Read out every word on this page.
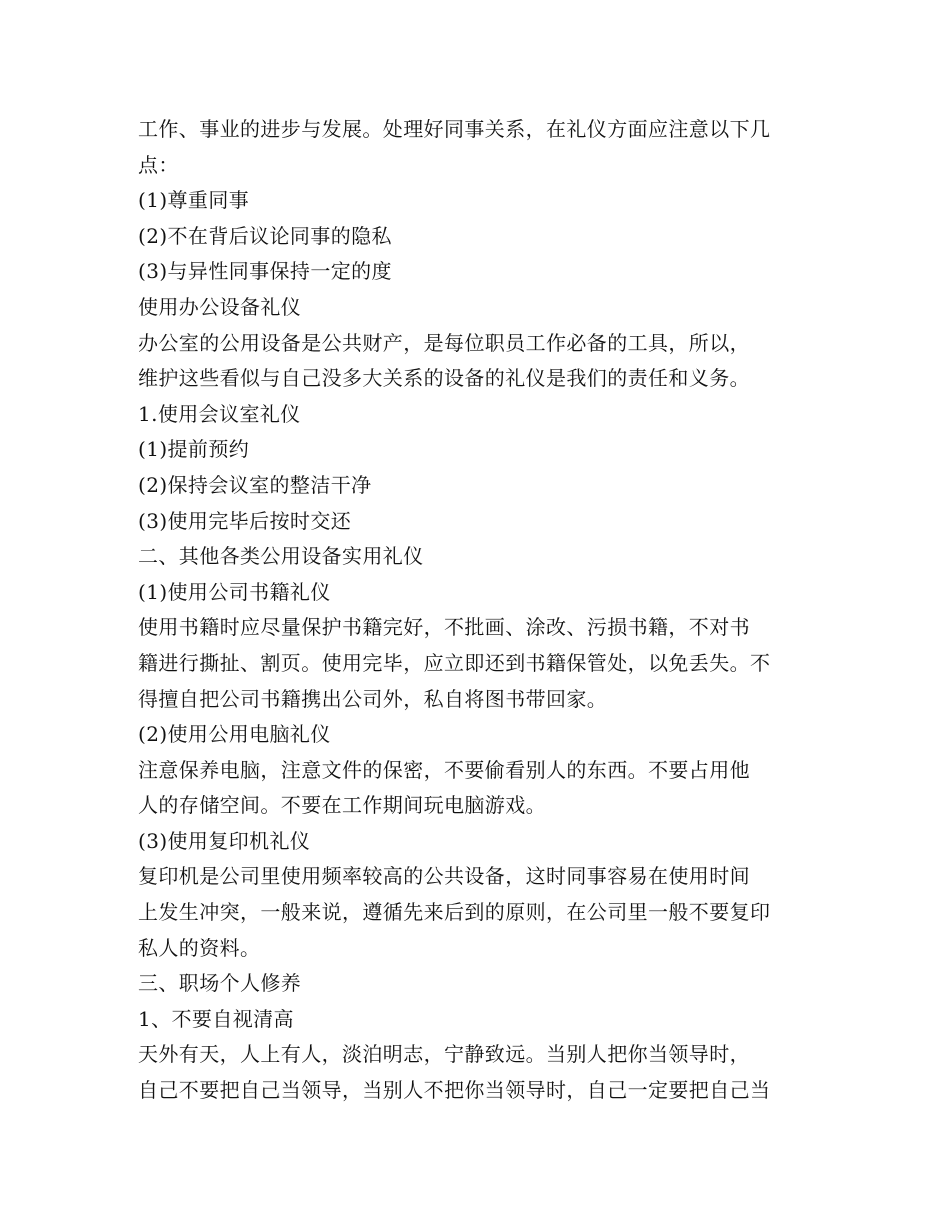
工作、事业的进步与发展。处理好同事关系，在礼仪方面应注意以下几
点：
(1)尊重同事
(2)不在背后议论同事的隐私
(3)与异性同事保持一定的度
使用办公设备礼仪
办公室的公用设备是公共财产，是每位职员工作必备的工具，所以，
维护这些看似与自己没多大关系的设备的礼仪是我们的责任和义务。
1.使用会议室礼仪
(1)提前预约
(2)保持会议室的整洁干净
(3)使用完毕后按时交还
二、其他各类公用设备实用礼仪
(1)使用公司书籍礼仪
使用书籍时应尽量保护书籍完好，不批画、涂改、污损书籍，不对书
籍进行撕扯、割页。使用完毕，应立即还到书籍保管处，以免丢失。不
得擅自把公司书籍携出公司外，私自将图书带回家。
(2)使用公用电脑礼仪
注意保养电脑，注意文件的保密，不要偷看别人的东西。不要占用他
人的存储空间。不要在工作期间玩电脑游戏。
(3)使用复印机礼仪
复印机是公司里使用频率较高的公共设备，这时同事容易在使用时间
上发生冲突，一般来说，遵循先来后到的原则，在公司里一般不要复印
私人的资料。
三、职场个人修养
1、不要自视清高
天外有天，人上有人，淡泊明志，宁静致远。当别人把你当领导时，
自己不要把自己当领导，当别人不把你当领导时，自己一定要把自己当
